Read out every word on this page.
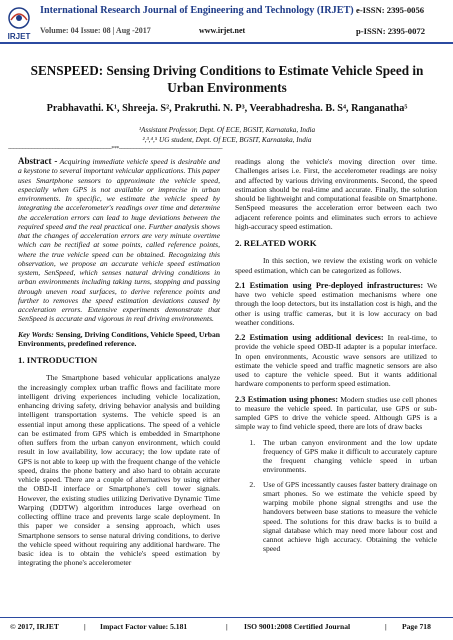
IRJET
International Research Journal of Engineering and Technology (IRJET) e-ISSN: 2395-0056
Volume: 04 Issue: 08 | Aug -2017	www.irjet.net	p-ISSN: 2395-0072
SENSPEED: Sensing Driving Conditions to Estimate Vehicle Speed in
Urban Environments
Prabhavathi. K¹, Shreeja. S², Prakruthi. N. P³, Veerabhadresha. B. S⁴, Ranganatha⁵
¹Assistant Professor, Dept. Of ECE, BGSIT, Karnataka, India
²,³,⁴,⁵ UG student, Dept. Of ECE, BGSIT, Karnataka, India
---------------------------------------------------------------------***---------------------------------------------------------------------

Abstract - Acquiring immediate vehicle speed is desirable and a keystone to several important vehicular applications. This paper uses Smartphone sensors to approximate the vehicle speed, especially when GPS is not available or imprecise in urban environments. In specific, we estimate the vehicle speed by integrating the accelerometer's readings over time and determine the acceleration errors can lead to huge deviations between the required speed and the real practical one. Further analysis shows that the changes of acceleration errors are very minute overtime which can be rectified at some points, called reference points, where the true vehicle speed can be obtained. Recognizing this observation, we propose an accurate vehicle speed estimation system, SenSpeed, which senses natural driving conditions in urban environments including taking turns, stopping and passing through uneven road surfaces, to derive reference points and further to removes the speed estimation deviations caused by acceleration errors. Extensive experiments demonstrate that SenSpeed is accurate and vigorous in real driving environments.

Key Words: Sensing, Driving Conditions, Vehicle Speed, Urban Environments, predefined reference.

1. INTRODUCTION

The Smartphone based vehicular applications analyze the increasingly complex urban traffic flows and facilitate more intelligent driving experiences including vehicle localization, enhancing driving safety, driving behavior analysis and building intelligent transportation systems. The vehicle speed is an essential input among these applications. The speed of a vehicle can be estimated from GPS which is embedded in Smartphone often suffers from the urban canyon environment, which could result in low availability, low accuracy; the low update rate of GPS is not able to keep up with the frequent change of the vehicle speed, drains the phone battery and also hard to obtain accurate vehicle speed. There are a couple of alternatives by using either the OBD-II interface or Smartphone's cell tower signals. However, the existing studies utilizing Derivative Dynamic Time Warping (DDTW) algorithm introduces large overhead on collecting offline trace and prevents large scale deployment. In this paper we consider a sensing approach, which uses Smartphone sensors to sense natural driving conditions, to derive the vehicle speed without requiring any additional hardware. The basic idea is to obtain the vehicle's speed estimation by integrating the phone's accelerometer

readings along the vehicle's moving direction over time. Challenges arises i.e. First, the accelerometer readings are noisy and affected by various driving environments. Second, the speed estimation should be real-time and accurate. Finally, the solution should be lightweight and computational feasible on Smartphone. SenSpeed measures the acceleration error between each two adjacent reference points and eliminates such errors to achieve high-accuracy speed estimation.

2. RELATED WORK

In this section, we review the existing work on vehicle speed estimation, which can be categorized as follows.

2.1 Estimation using Pre-deployed infrastructures: We have two vehicle speed estimation mechanisms where one through the loop detectors, but its installation cost is high, and the other is using traffic cameras, but it is low accuracy on bad weather conditions.

2.2 Estimation using additional devices: In real-time, to provide the vehicle speed OBD-II adapter is a popular interface. In open environments, Acoustic wave sensors are utilized to estimate the vehicle speed and traffic magnetic sensors are also used to capture the vehicle speed. But it wants additional hardware components to perform speed estimation.

2.3 Estimation using phones: Modern studies use cell phones to measure the vehicle speed. In particular, use GPS or sub- sampled GPS to drive the vehicle speed. Although GPS is a simple way to find vehicle speed, there are lots of draw backs

1. The urban canyon environment and the low update frequency of GPS make it difficult to accurately capture the frequent changing vehicle speed in urban environments.
2. Use of GPS incessantly causes faster battery drainage on smart phones. So we estimate the vehicle speed by warping mobile phone signal strengths and use the handovers between base stations to measure the vehicle speed. The solutions for this draw backs is to build a signal database which may need more labour cost and cannot achieve high accuracy. Obtaining the vehicle speed
© 2017, IRJET	| Impact Factor value: 5.181	| ISO 9001:2008 Certified Journal	| Page 718
